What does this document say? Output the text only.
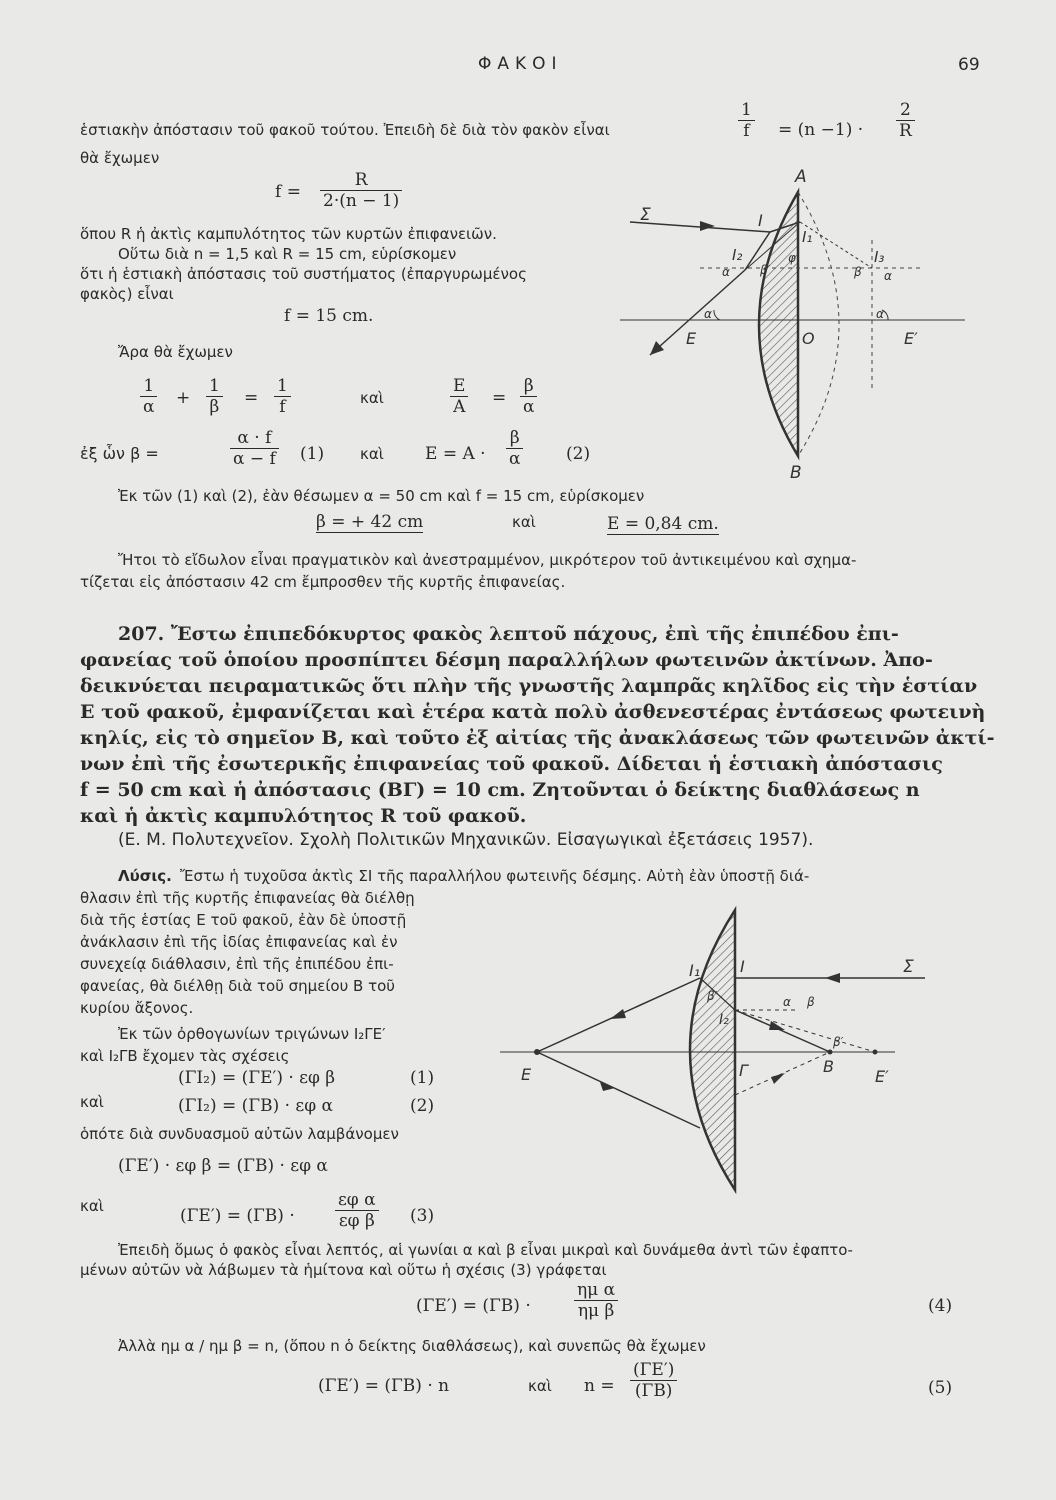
ΦΑΚΟΙ	69
ἑστιακὴν ἀπόστασιν τοῦ φακοῦ τούτου. Ἐπειδὴ δὲ διὰ τὸν φακὸν εἶναι	$\frac{1}{f} = (n -1) \cdot \frac{2}{R}$
θὰ ἔχωμεν
$f = \frac{R}{2\cdot(n - 1)}$
ὅπου R ἡ ἀκτὶς καμπυλότητος τῶν κυρτῶν ἐπιφανειῶν.
Οὕτω διὰ n = 1,5 καὶ R = 15 cm, εὑρίσκομεν
ὅτι ἡ ἑστιακὴ ἀπόστασις τοῦ συστήματος (ἐπαργυρωμένος
φακὸς) εἶναι
f = 15 cm.
Ἄρα θὰ ἔχωμεν
$\frac{1}{\alpha} + \frac{1}{\beta} = \frac{1}{f}$	καὶ	$\frac{E}{A} = \frac{\beta}{\alpha}$
ἐξ ὧν β =	$\frac{\alpha \cdot f}{\alpha - f} (1)$ καὶ $E = A \cdot \frac{\beta}{\alpha}$	(2)
Ἐκ τῶν (1) καὶ (2), ἐὰν θέσωμεν α = 50 cm καὶ f = 15 cm, εὑρίσκομεν
β = + 42 cm	καὶ	E = 0,84 cm.
Ἤτοι τὸ εἴδωλον εἶναι πραγματικὸν καὶ ἀνεστραμμένον, μικρότερον τοῦ ἀντικειμένου καὶ σχημα-
τίζεται εἰς ἀπόστασιν 42 cm ἔμπροσθεν τῆς κυρτῆς ἐπιφανείας.
A
B
Σ	I
I₁
I₂	I₃
α	β′
φ
β α
α	α
E	O	E′
207. Ἔστω ἐπιπεδόκυρτος φακὸς λεπτοῦ πάχους, ἐπὶ τῆς ἐπιπέδου ἐπι-
φανείας τοῦ ὁποίου προσπίπτει δέσμη παραλλήλων φωτεινῶν ἀκτίνων. Ἀπο-
δεικνύεται πειραματικῶς ὅτι πλὴν τῆς γνωστῆς λαμπρᾶς κηλῖδος εἰς τὴν ἑστίαν
E τοῦ φακοῦ, ἐμφανίζεται καὶ ἑτέρα κατὰ πολὺ ἀσθενεστέρας ἐντάσεως φωτεινὴ
κηλίς, εἰς τὸ σημεῖον B, καὶ τοῦτο ἐξ αἰτίας τῆς ἀνακλάσεως τῶν φωτεινῶν ἀκτί-
νων ἐπὶ τῆς ἐσωτερικῆς ἐπιφανείας τοῦ φακοῦ. Δίδεται ἡ ἑστιακὴ ἀπόστασις
f = 50 cm καὶ ἡ ἀπόστασις (BΓ) = 10 cm. Ζητοῦνται ὁ δείκτης διαθλάσεως n
καὶ ἡ ἀκτὶς καμπυλότητος R τοῦ φακοῦ.
(Ε. Μ. Πολυτεχνεῖον. Σχολὴ Πολιτικῶν Μηχανικῶν. Εἰσαγωγικαὶ ἐξετάσεις 1957).
Λύσις. Ἔστω ἡ τυχοῦσα ἀκτὶς ΣΙ τῆς παραλλήλου φωτεινῆς δέσμης. Αὐτὴ ἐὰν ὑποστῇ διά-
θλασιν ἐπὶ τῆς κυρτῆς ἐπιφανείας θὰ διέλθῃ
διὰ τῆς ἑστίας Ε τοῦ φακοῦ, ἐὰν δὲ ὑποστῇ
ἀνάκλασιν ἐπὶ τῆς ἰδίας ἐπιφανείας καὶ ἐν
συνεχείᾳ διάθλασιν, ἐπὶ τῆς ἐπιπέδου ἐπι-
φανείας, θὰ διέλθῃ διὰ τοῦ σημείου Β τοῦ
κυρίου ἄξονος.
Ἐκ τῶν ὀρθογωνίων τριγώνων I₂ΓΕ′
καὶ I₂ΓΒ ἔχομεν τὰς σχέσεις
(ΓI₂) = (ΓE′) · εφ β	(1)
καὶ	(ΓI₂) = (ΓB) · εφ α	(2)
ὁπότε διὰ συνδυασμοῦ αὐτῶν λαμβάνομεν
(ΓE′) · εφ β = (ΓB) · εφ α
καὶ	$(\Gamma E') = (\Gamma B) \cdot \frac{\text{εφ α}}{\text{εφ β}} (3)$
Ἐπειδὴ ὅμως ὁ φακὸς εἶναι λεπτός, αἱ γωνίαι α καὶ β εἶναι μικραὶ καὶ δυνάμεθα ἀντὶ τῶν ἐφαπτο-
μένων αὐτῶν νὰ λάβωμεν τὰ ἡμίτονα καὶ οὕτω ἡ σχέσις (3) γράφεται
(ΓE′) = (ΓB) ·	$\frac{\text{ημ α}}{\text{ημ β}}$	(4)
Ἀλλὰ ημ α / ημ β = n, (ὅπου n ὁ δείκτης διαθλάσεως), καὶ συνεπῶς θὰ ἔχωμεν
(ΓE′) = (ΓB) · n	καὶ $n = \frac{(\Gamma E')}{(\Gamma B)}$	(5)
I₁ I	Σ
β′
I₂
α β
E	Γ
β′
B
E′
